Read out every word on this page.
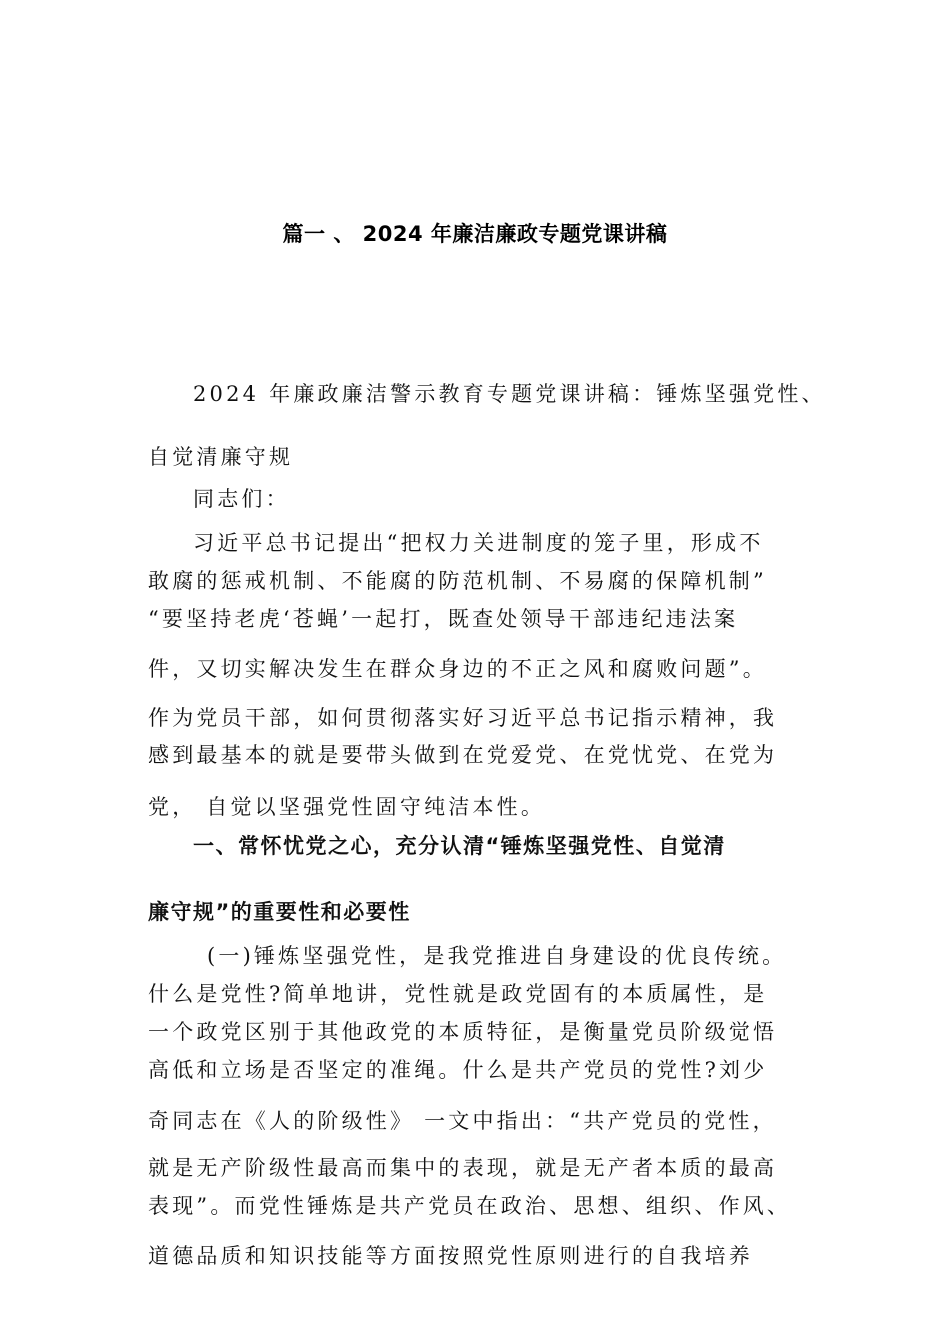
篇一 、 2024 年廉洁廉政专题党课讲稿
2024 年廉政廉洁警示教育专题党课讲稿：锤炼坚强党性、
自觉清廉守规
同志们：
习近平总书记提出“把权力关进制度的笼子里，形成不
敢腐的惩戒机制、不能腐的防范机制、不易腐的保障机制”
“要坚持老虎‘苍蝇’一起打，既查处领导干部违纪违法案
件，又切实解决发生在群众身边的不正之风和腐败问题”。
作为党员干部，如何贯彻落实好习近平总书记指示精神，我
感到最基本的就是要带头做到在党爱党、在党忧党、在党为
党， 自觉以坚强党性固守纯洁本性。
一、常怀忧党之心，充分认清“锤炼坚强党性、自觉清
廉守规”的重要性和必要性
(一)锤炼坚强党性，是我党推进自身建设的优良传统。
什么是党性?简单地讲，党性就是政党固有的本质属性，是
一个政党区别于其他政党的本质特征，是衡量党员阶级觉悟
高低和立场是否坚定的准绳。什么是共产党员的党性?刘少
奇同志在《人的阶级性》 一文中指出：“共产党员的党性，
就是无产阶级性最高而集中的表现，就是无产者本质的最高
表现”。而党性锤炼是共产党员在政治、思想、组织、作风、
道德品质和知识技能等方面按照党性原则进行的自我培养
